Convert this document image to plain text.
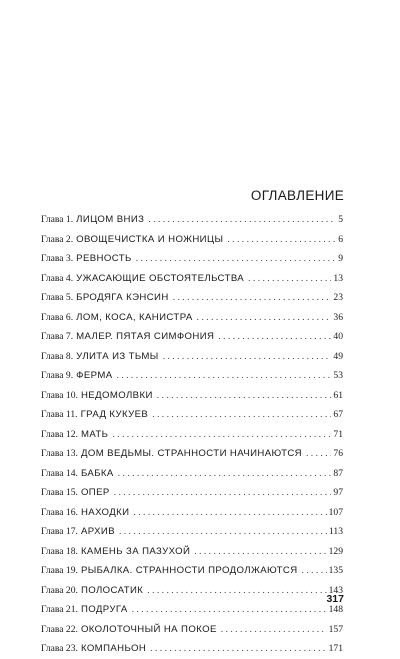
ОГЛАВЛЕНИЕ
Глава 1. ЛИЦОМ ВНИЗ . . .	5
Глава 2. ОВОЩЕЧИСТКА И НОЖНИЦЫ . . .	6
Глава 3. РЕВНОСТЬ . . .	9
Глава 4. УЖАСАЮЩИЕ ОБСТОЯТЕЛЬСТВА . . .	13
Глава 5. БРОДЯГА КЭНСИН . . .	23
Глава 6. ЛОМ, КОСА, КАНИСТРА . . .	36
Глава 7. МАЛЕР. ПЯТАЯ СИМФОНИЯ . . .	40
Глава 8. УЛИТА ИЗ ТЬМЫ . . .	49
Глава 9. ФЕРМА . . .	53
Глава 10. НЕДОМОЛВКИ . . .	61
Глава 11. ГРАД КУКУЕВ . . .	67
Глава 12. МАТЬ . . .	71
Глава 13. ДОМ ВЕДЬМЫ. СТРАННОСТИ НАЧИНАЮТСЯ . . .	76
Глава 14. БАБКА . . .	87
Глава 15. ОПЕР . . .	97
Глава 16. НАХОДКИ . . .	107
Глава 17. АРХИВ . . .	113
Глава 18. КАМЕНЬ ЗА ПАЗУХОЙ . . .	129
Глава 19. РЫБАЛКА. СТРАННОСТИ ПРОДОЛЖАЮТСЯ . . .	135
Глава 20. ПОЛОСАТИК . . .	143
Глава 21. ПОДРУГА . . .	148
Глава 22. ОКОЛОТОЧНЫЙ НА ПОКОЕ . . .	157
Глава 23. КОМПАНЬОН . . .	171
317
